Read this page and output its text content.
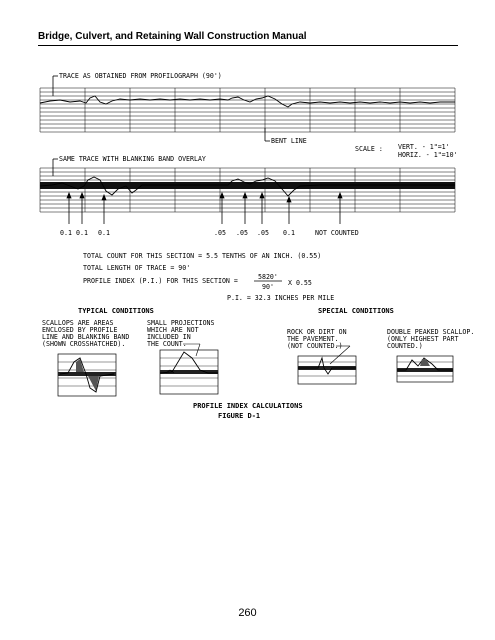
Bridge, Culvert, and Retaining Wall Construction Manual
TRACE AS OBTAINED FROM PROFILOGRAPH (90')
BENT LINE
SCALE : VERT. - 1"=1'
HORIZ. - 1"=10'
SAME TRACE WITH BLANKING BAND OVERLAY
0.1 0.1 0.1	.05 .05 .05 0.1	NOT COUNTED
TOTAL COUNT FOR THIS SECTION = 5.5 TENTHS OF AN INCH. (0.55)
TOTAL LENGTH OF TRACE = 90'
PROFILE INDEX (P.I.) FOR THIS SECTION =	5820'
90' X 0.55
P.I. = 32.3 INCHES PER MILE
TYPICAL CONDITIONS	SPECIAL CONDITIONS
SCALLOPS ARE AREAS
ENCLOSED BY PROFILE
LINE AND BLANKING BAND
(SHOWN CROSSHATCHED).
SMALL PROJECTIONS
WHICH ARE NOT
INCLUDED IN
THE COUNT.
ROCK OR DIRT ON
THE PAVEMENT.
(NOT COUNTED.)
DOUBLE PEAKED SCALLOP.
(ONLY HIGHEST PART
COUNTED.)
PROFILE INDEX CALCULATIONS
FIGURE D-1
260
